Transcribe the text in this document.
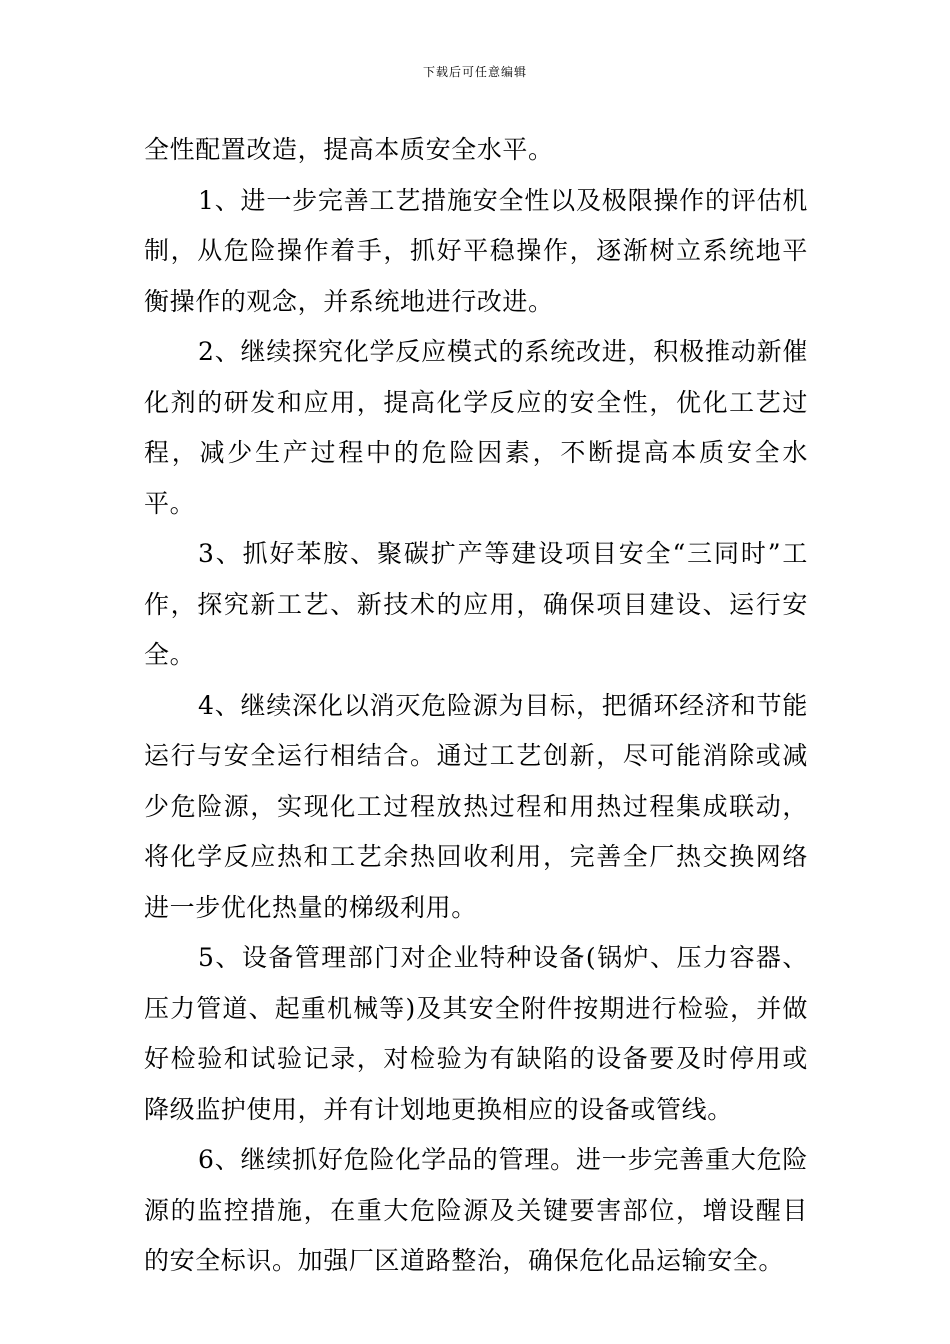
下载后可任意编辑

全性配置改造，提高本质安全水平。

1、进一步完善工艺措施安全性以及极限操作的评估机制，从危险操作着手，抓好平稳操作，逐渐树立系统地平衡操作的观念，并系统地进行改进。

2、继续探究化学反应模式的系统改进，积极推动新催化剂的研发和应用，提高化学反应的安全性，优化工艺过程，减少生产过程中的危险因素，不断提高本质安全水平。

3、抓好苯胺、聚碳扩产等建设项目安全“三同时”工作，探究新工艺、新技术的应用，确保项目建设、运行安全。

4、继续深化以消灭危险源为目标，把循环经济和节能运行与安全运行相结合。通过工艺创新，尽可能消除或减少危险源，实现化工过程放热过程和用热过程集成联动，将化学反应热和工艺余热回收利用，完善全厂热交换网络进一步优化热量的梯级利用。

5、设备管理部门对企业特种设备(锅炉、压力容器、压力管道、起重机械等)及其安全附件按期进行检验，并做好检验和试验记录，对检验为有缺陷的设备要及时停用或降级监护使用，并有计划地更换相应的设备或管线。

6、继续抓好危险化学品的管理。进一步完善重大危险源的监控措施，在重大危险源及关键要害部位，增设醒目的安全标识。加强厂区道路整治，确保危化品运输安全。
